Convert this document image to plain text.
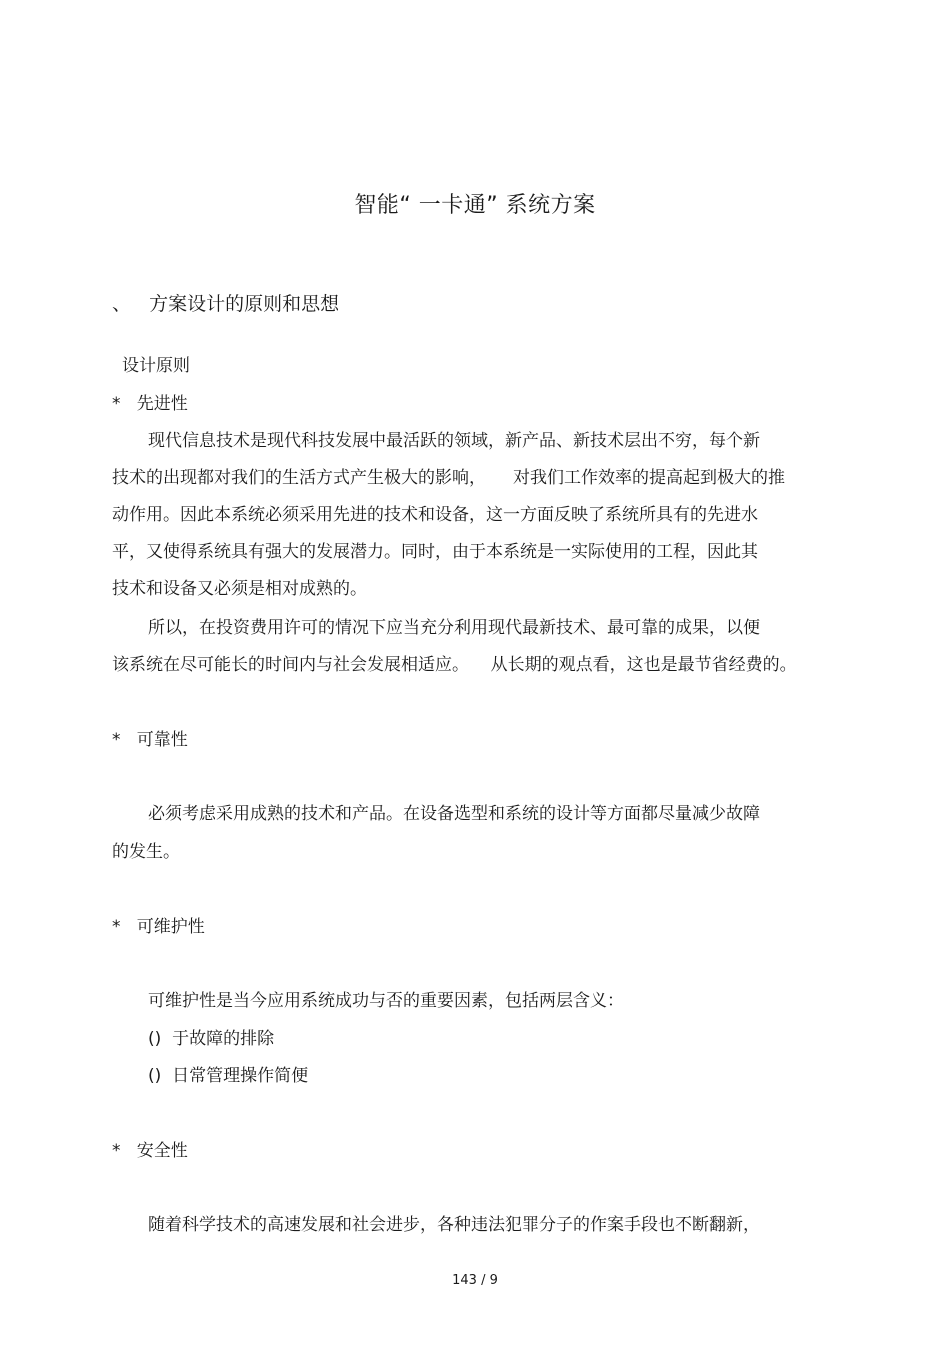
智能“ 一卡通” 系统方案
、   方案设计的原则和思想
设计原则
*   先进性
现代信息技术是现代科技发展中最活跃的领域，新产品、新技术层出不穷，每个新
技术的出现都对我们的生活方式产生极大的影响，     对我们工作效率的提高起到极大的推
动作用。因此本系统必须采用先进的技术和设备，这一方面反映了系统所具有的先进水
平，又使得系统具有强大的发展潜力。同时，由于本系统是一实际使用的工程，因此其
技术和设备又必须是相对成熟的。
所以，在投资费用许可的情况下应当充分利用现代最新技术、最可靠的成果，以便
该系统在尽可能长的时间内与社会发展相适应。    从长期的观点看，这也是最节省经费的。
*   可靠性
必须考虑采用成熟的技术和产品。在设备选型和系统的设计等方面都尽量减少故障
的发生。
*   可维护性
可维护性是当今应用系统成功与否的重要因素，包括两层含义：
()  于故障的排除
()  日常管理操作简便
*   安全性
随着科学技术的高速发展和社会进步，各种违法犯罪分子的作案手段也不断翻新，
143 / 9
